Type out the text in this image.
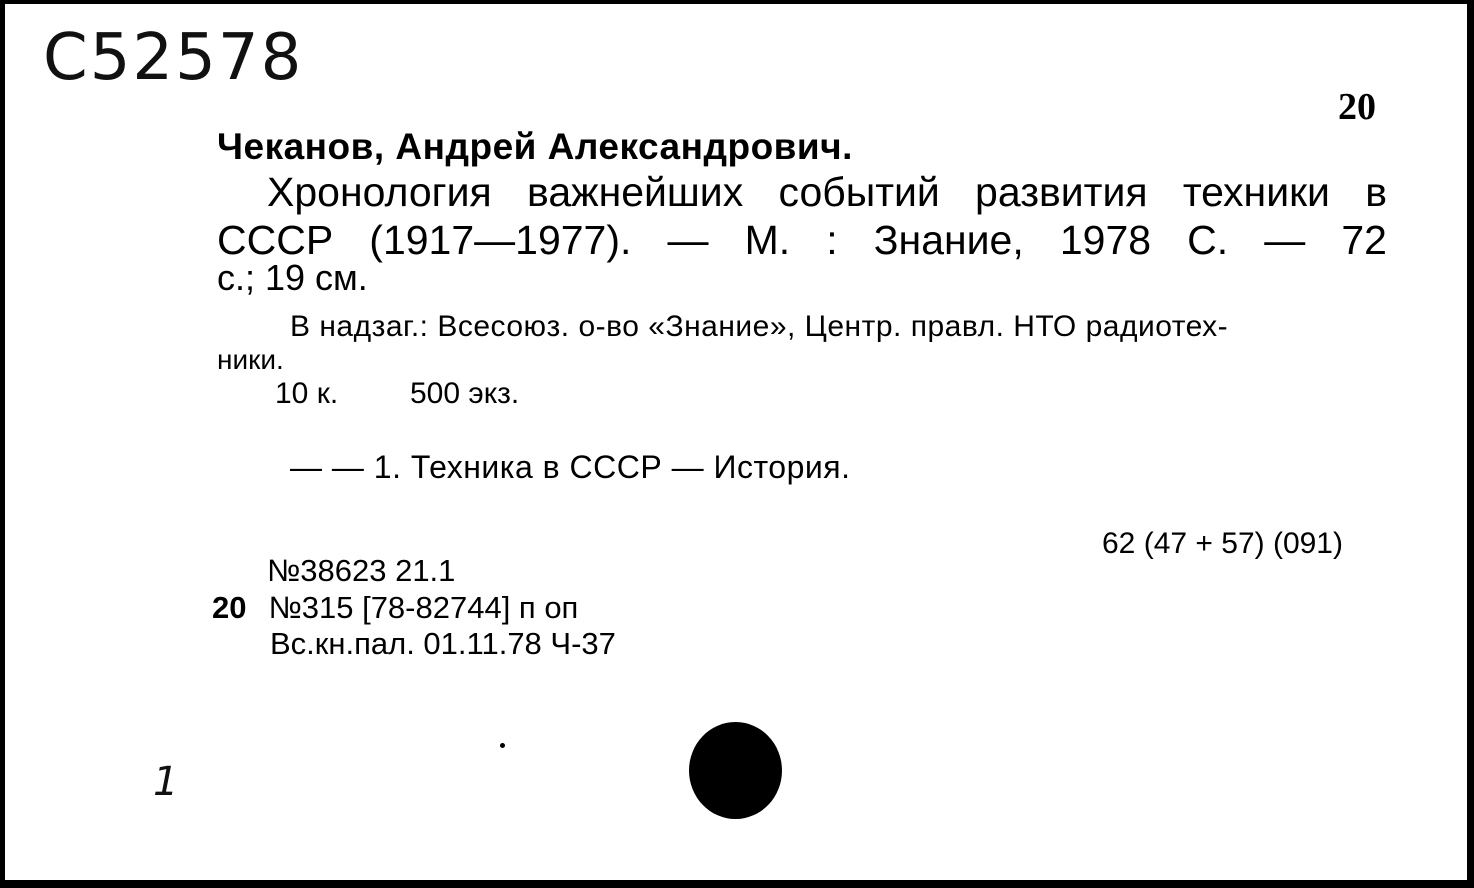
С52578
20
Чеканов, Андрей Александрович.
Хронология важнейших событий развития техники в
СССР (1917—1977). — М. : Знание, 1978 С. — 72
с.; 19 см.
В надзаг.: Всесоюз. о-во «Знание», Центр. правл. НТО радиотех-
ники.
10 к. 500 экз.
— — 1. Техника в СССР — История.
62 (47 + 57) (091)
№38623 21.1
20 №315 [78-82744] п оп
Вс.кн.пал. 01.11.78 Ч-37
1
